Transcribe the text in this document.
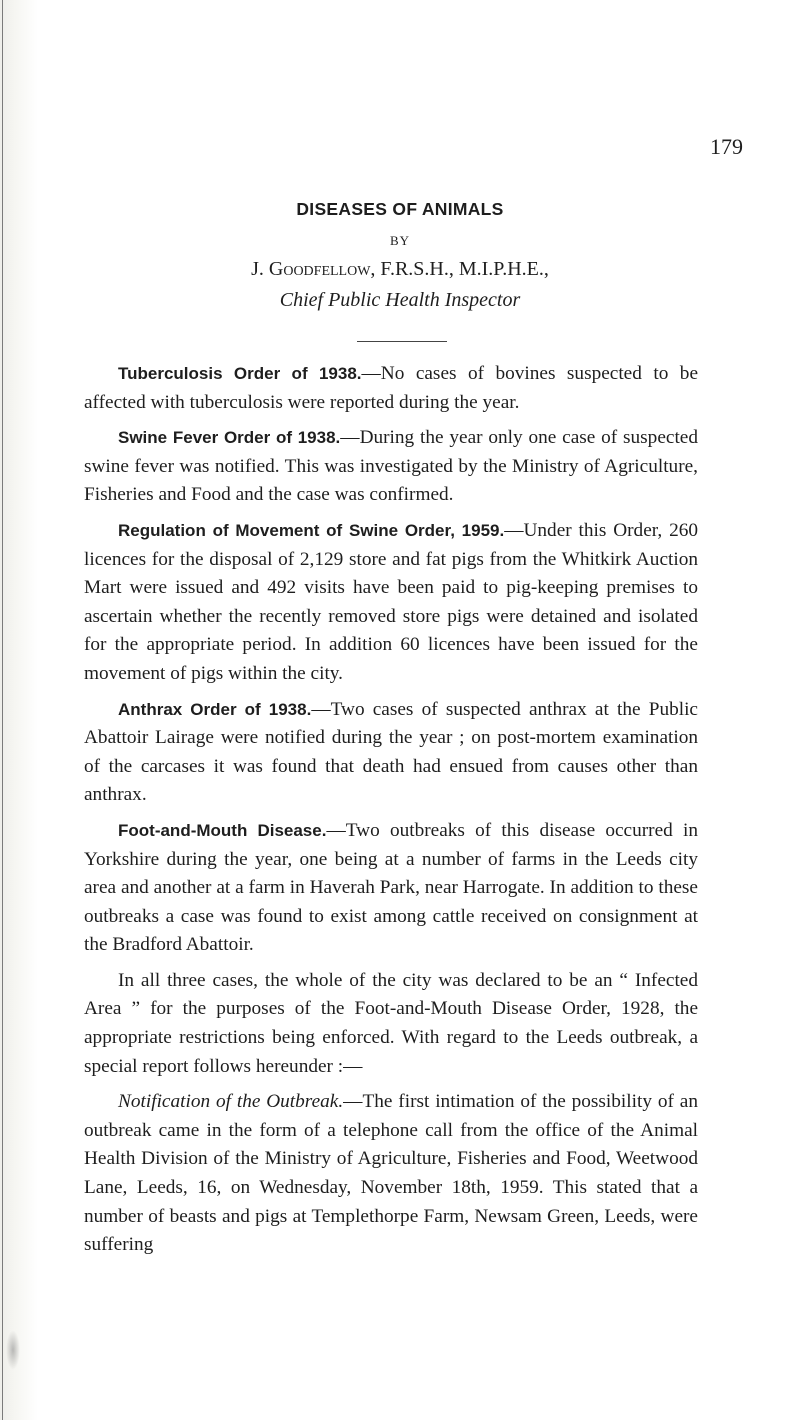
179
DISEASES OF ANIMALS
BY
J. Goodfellow, F.R.S.H., M.I.P.H.E.,
Chief Public Health Inspector

Tuberculosis Order of 1938.—No cases of bovines suspected to be affected with tuberculosis were reported during the year.

Swine Fever Order of 1938.—During the year only one case of suspected swine fever was notified. This was investigated by the Ministry of Agriculture, Fisheries and Food and the case was confirmed.

Regulation of Movement of Swine Order, 1959.—Under this Order, 260 licences for the disposal of 2,129 store and fat pigs from the Whitkirk Auction Mart were issued and 492 visits have been paid to pig-keeping premises to ascertain whether the recently removed store pigs were detained and isolated for the appropriate period. In addition 60 licences have been issued for the movement of pigs within the city.

Anthrax Order of 1938.—Two cases of suspected anthrax at the Public Abattoir Lairage were notified during the year ; on post-mortem examination of the carcases it was found that death had ensued from causes other than anthrax.

Foot-and-Mouth Disease.—Two outbreaks of this disease occurred in Yorkshire during the year, one being at a number of farms in the Leeds city area and another at a farm in Haverah Park, near Harrogate. In addition to these outbreaks a case was found to exist among cattle received on consignment at the Bradford Abattoir.

In all three cases, the whole of the city was declared to be an “ Infected Area ” for the purposes of the Foot-and-Mouth Disease Order, 1928, the appropriate restrictions being enforced. With regard to the Leeds outbreak, a special report follows hereunder :—

Notification of the Outbreak.—The first intimation of the possibility of an outbreak came in the form of a telephone call from the office of the Animal Health Division of the Ministry of Agriculture, Fisheries and Food, Weetwood Lane, Leeds, 16, on Wednesday, November 18th, 1959. This stated that a number of beasts and pigs at Templethorpe Farm, Newsam Green, Leeds, were suffering
